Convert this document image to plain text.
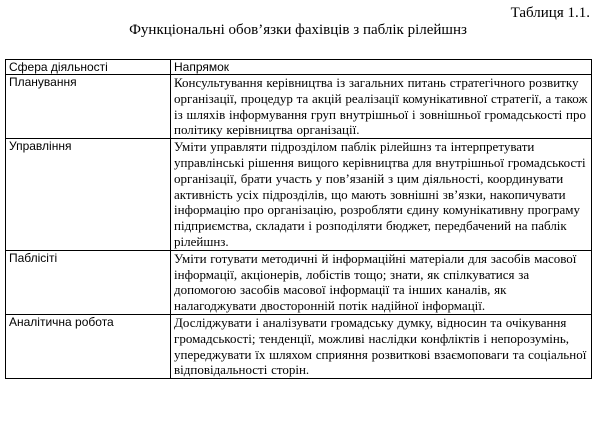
Таблиця 1.1.
Функціональні обов’язки фахівців з паблік рілейшнз
Сфера діяльності	Напрямок
Планування	Консультування керівництва із загальних питань стратегічного розвитку організації, процедур та акцій реалізації комунікативної стратегії, а також із шляхів інформування груп внутрішньої і зовнішньої громадськості про політику керівництва організації.
Управління	Уміти управляти підрозділом паблік рілейшнз та інтерпретувати управлінські рішення вищого керівництва для внутрішньої громадськості організації, брати участь у пов’язаній з цим діяльності, координувати активність усіх підрозділів, що мають зовнішні зв’язки, накопичувати інформацію про організацію, розробляти єдину комунікативну програму підприємства, складати і розподіляти бюджет, передбачений на паблік рілейшнз.
Паблісіті	Уміти готувати методичні й інформаційні матеріали для засобів масової інформації, акціонерів, лобістів тощо; знати, як спілкуватися за допомогою засобів масової інформації та інших каналів, як налагоджувати двосторонній потік надійної інформації.
Аналітична робота	Досліджувати і аналізувати громадську думку, відносин та очікування громадськості; тенденції, можливі наслідки конфліктів і непорозумінь, упереджувати їх шляхом сприяння розвиткові взаємоповаги та соціальної відповідальності сторін.
